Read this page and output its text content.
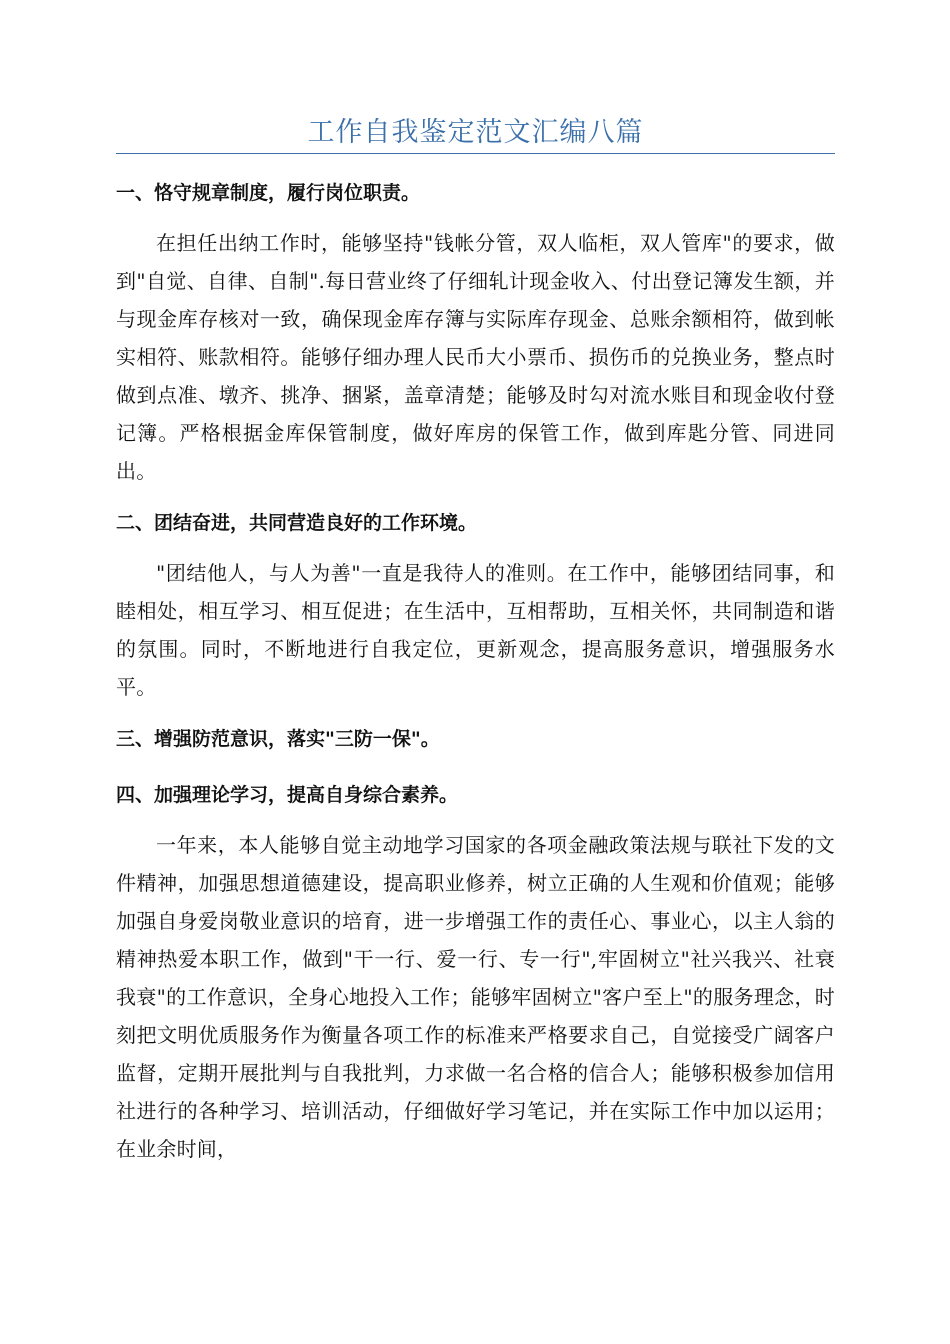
工作自我鉴定范文汇编八篇
一、恪守规章制度，履行岗位职责。

在担任出纳工作时，能够坚持"钱帐分管，双人临柜，双人管库"的要求，做到"自觉、自律、自制".每日营业终了仔细轧计现金收入、付出登记簿发生额，并与现金库存核对一致，确保现金库存簿与实际库存现金、总账余额相符，做到帐实相符、账款相符。能够仔细办理人民币大小票币、损伤币的兑换业务，整点时做到点准、墩齐、挑净、捆紧，盖章清楚；能够及时勾对流水账目和现金收付登记簿。严格根据金库保管制度，做好库房的保管工作，做到库匙分管、同进同出。

二、团结奋进，共同营造良好的工作环境。

"团结他人，与人为善"一直是我待人的准则。在工作中，能够团结同事，和睦相处，相互学习、相互促进；在生活中，互相帮助，互相关怀，共同制造和谐的氛围。同时，不断地进行自我定位，更新观念，提高服务意识，增强服务水平。

三、增强防范意识，落实"三防一保"。
四、加强理论学习，提高自身综合素养。

一年来，本人能够自觉主动地学习国家的各项金融政策法规与联社下发的文件精神，加强思想道德建设，提高职业修养，树立正确的人生观和价值观；能够加强自身爱岗敬业意识的培育，进一步增强工作的责任心、事业心，以主人翁的精神热爱本职工作，做到"干一行、爱一行、专一行",牢固树立"社兴我兴、社衰我衰"的工作意识，全身心地投入工作；能够牢固树立"客户至上"的服务理念，时刻把文明优质服务作为衡量各项工作的标准来严格要求自己，自觉接受广阔客户监督，定期开展批判与自我批判，力求做一名合格的信合人；能够积极参加信用社进行的各种学习、培训活动，仔细做好学习笔记，并在实际工作中加以运用；在业余时间，
